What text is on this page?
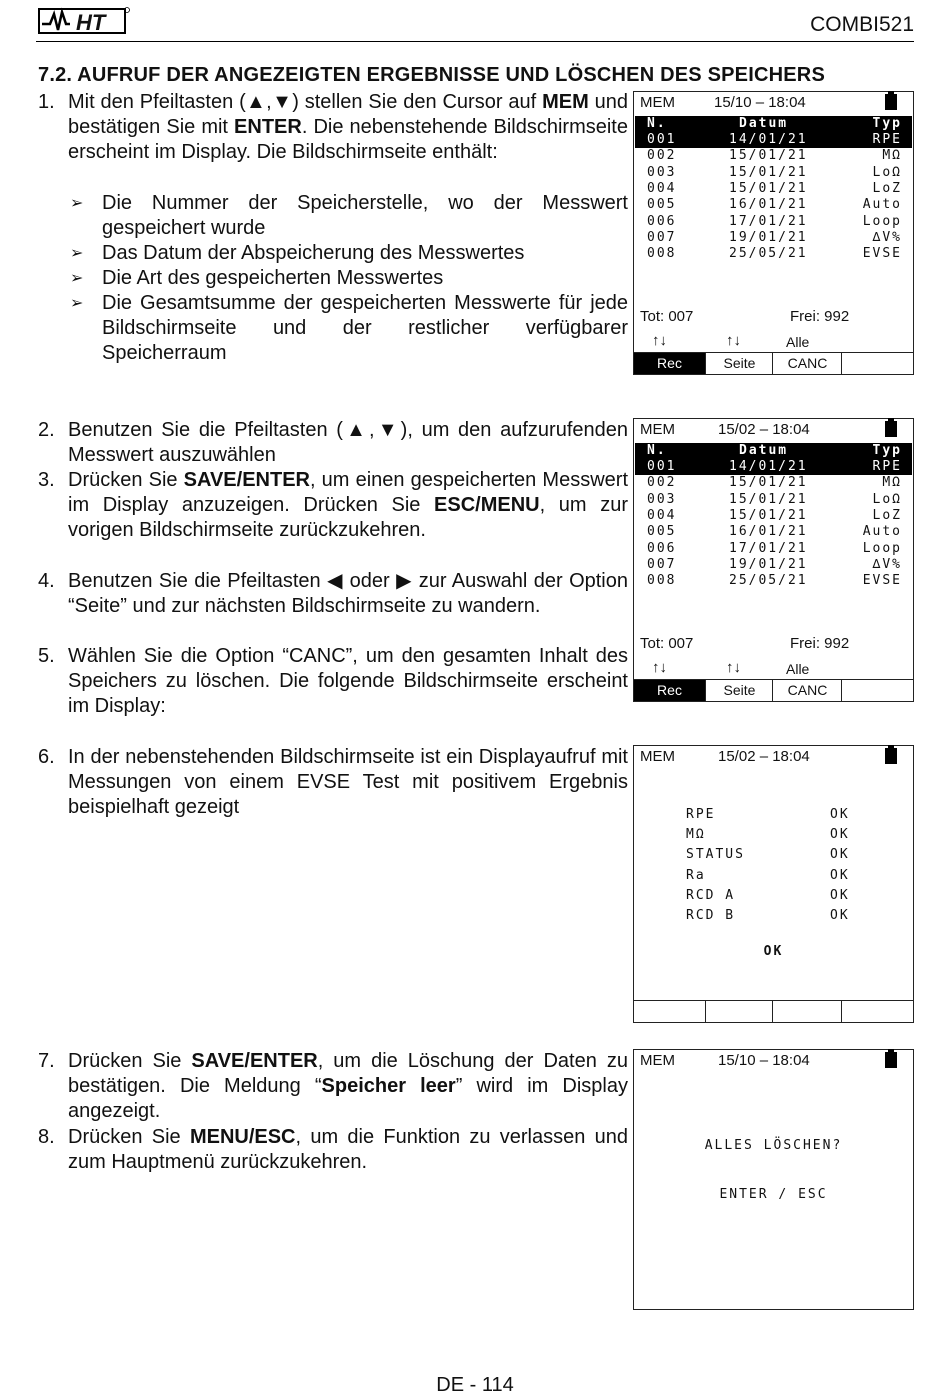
HT	COMBI521
7.2. AUFRUF DER ANGEZEIGTEN ERGEBNISSE UND LÖSCHEN DES SPEICHERS
1. Mit den Pfeiltasten (▲,▼) stellen Sie den Cursor auf MEM und bestätigen Sie mit ENTER. Die nebenstehende Bildschirmseite erscheint im Display. Die Bildschirmseite enthält:
➢ Die Nummer der Speicherstelle, wo der Messwert gespeichert wurde
➢ Das Datum der Abspeicherung des Messwertes
➢ Die Art des gespeicherten Messwertes
➢ Die Gesamtsumme der gespeicherten Messwerte für jede Bildschirmseite und der restlicher verfügbarer Speicherraum
MEM	15/10 – 18:04
N.	Datum	Typ
001	14/01/21	RPE
002	15/01/21	MΩ
003	15/01/21	LoΩ
004	15/01/21	LoZ
005	16/01/21	Auto
006	17/01/21	Loop
007	19/01/21	∆V%
008	25/05/21	EVSE
Tot: 007	Frei: 992
↑↓	↑↓	Alle
Rec	Seite	CANC
2. Benutzen Sie die Pfeiltasten (▲,▼), um den aufzurufenden Messwert auszuwählen
3. Drücken Sie SAVE/ENTER, um einen gespeicherten Messwert im Display anzuzeigen. Drücken Sie ESC/MENU, um zur vorigen Bildschirmseite zurückzukehren.
4. Benutzen Sie die Pfeiltasten ◀ oder ▶ zur Auswahl der Option “Seite” und zur nächsten Bildschirmseite zu wandern.
5. Wählen Sie die Option “CANC”, um den gesamten Inhalt des Speichers zu löschen. Die folgende Bildschirmseite erscheint im Display:
MEM	15/02 – 18:04
N.	Datum	Typ
001	14/01/21	RPE
002	15/01/21	MΩ
003	15/01/21	LoΩ
004	15/01/21	LoZ
005	16/01/21	Auto
006	17/01/21	Loop
007	19/01/21	∆V%
008	25/05/21	EVSE
Tot: 007	Frei: 992
↑↓	↑↓	Alle
Rec	Seite	CANC
6. In der nebenstehenden Bildschirmseite ist ein Displayaufruf mit Messungen von einem EVSE Test mit positivem Ergebnis beispielhaft gezeigt
MEM	15/02 – 18:04
RPE	OK
MΩ	OK
STATUS	OK
Ra	OK
RCD A	OK
RCD B	OK
OK
7. Drücken Sie SAVE/ENTER, um die Löschung der Daten zu bestätigen. Die Meldung “Speicher leer” wird im Display angezeigt.
8. Drücken Sie MENU/ESC, um die Funktion zu verlassen und zum Hauptmenü zurückzukehren.
MEM	15/10 – 18:04
ALLES LÖSCHEN?
ENTER / ESC
DE - 114
